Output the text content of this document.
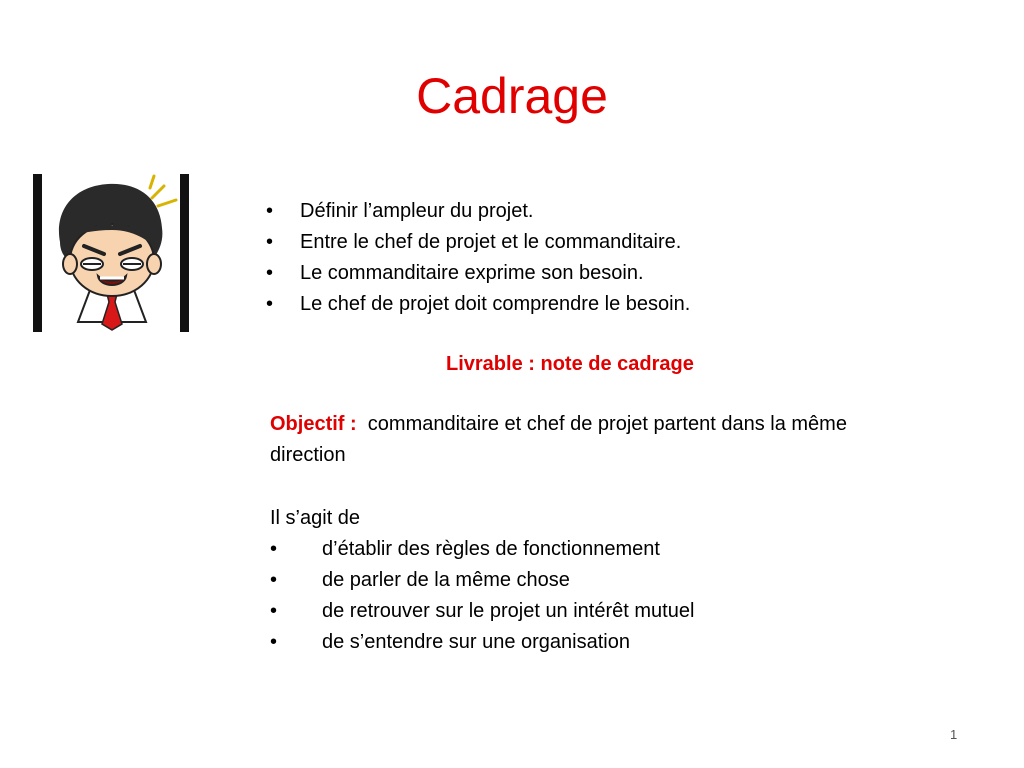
Cadrage
• Définir l’ampleur du projet.
• Entre le chef de projet et le commanditaire.
• Le commanditaire exprime son besoin.
• Le chef de projet doit comprendre le besoin.
Livrable : note de cadrage
Objectif : commanditaire et chef de projet partent dans la même direction
Il s’agit de
• d’établir des règles de fonctionnement
• de parler de la même chose
• de retrouver sur le projet un intérêt mutuel
• de s’entendre sur une organisation
1
